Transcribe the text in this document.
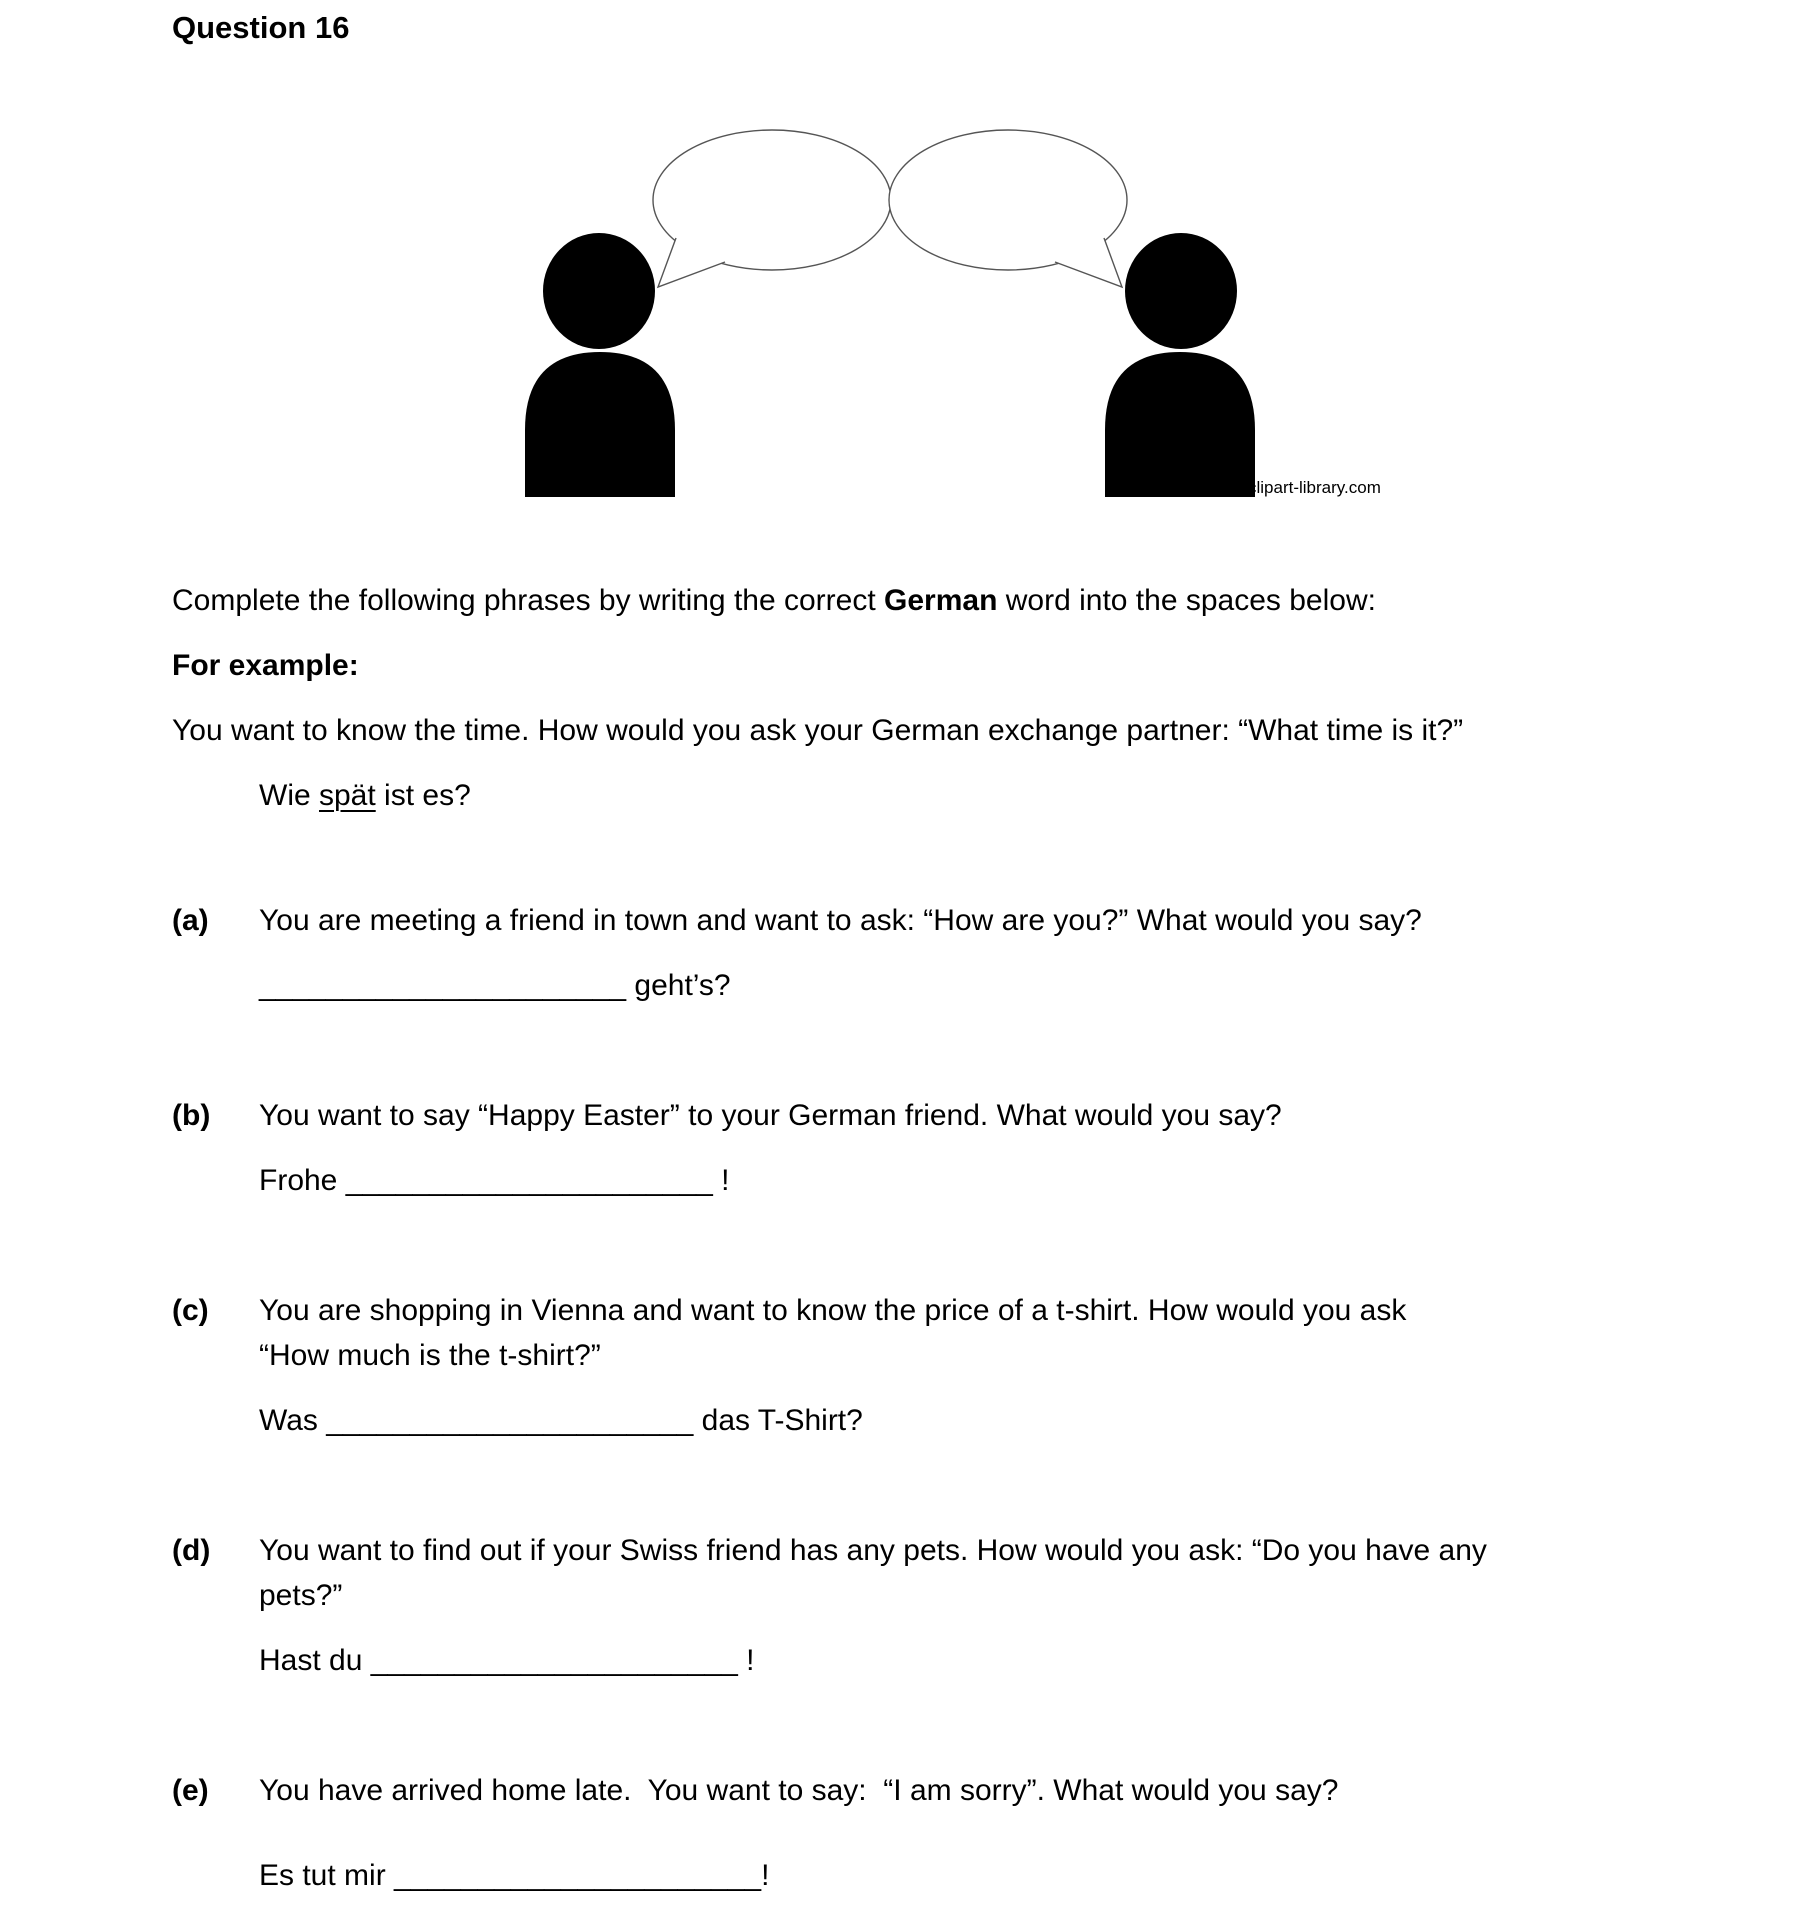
Question 16
clipart-library.com

Complete the following phrases by writing the correct German word into the spaces below:

For example:

You want to know the time. How would you ask your German exchange partner: “What time is it?”

Wie spät ist es?

(a)	You are meeting a friend in town and want to ask: “How are you?” What would you say?
______________________ geht’s?
(b)	You want to say “Happy Easter” to your German friend. What would you say?
Frohe ______________________ !
(c)	You are shopping in Vienna and want to know the price of a t-shirt. How would you ask
“How much is the t-shirt?”
Was ______________________ das T-Shirt?
(d)	You want to find out if your Swiss friend has any pets. How would you ask: “Do you have any
pets?”
Hast du ______________________ !
(e)	You have arrived home late.  You want to say:  “I am sorry”. What would you say?
Es tut mir ______________________!
